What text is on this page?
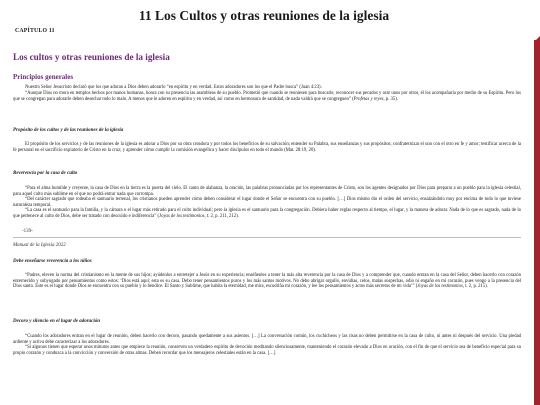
11 Los Cultos y otras reuniones de la iglesia
CAPÍTULO 11
Los cultos y otras reuniones de la iglesia
Principios generales
Nuestro Señor Jesucristo declaró que los que adoran a Dios deben adorarlo “en espíritu y en verdad. Estos adoradores son los que el Padre busca” (Juan 4:23).
“Aunque Dios no mora en templos hechos por manos humanas, honra con su presencia las asambleas de su pueblo. Prometió que cuando se reuniesen para buscarle, reconocer sus pecados y orar unos por otros, él los acompañaría por medio de su Espíritu. Pero los que se congregan para adorarle deben desechar todo lo malo. A menos que le adoren en espíritu y en verdad, así como en hermosura de santidad, de nada valdrá que se congreguen” (Profetas y reyes, p. 35).
Propósito de los cultos y de las reuniones de la iglesia
El propósito de los servicios y de las reuniones de la iglesia es adorar a Dios por su obra creadora y por todos los beneficios de su salvación; entender su Palabra, sus enseñanzas y sus propósitos; confraternizar el uno con el otro en fe y amor; testificar acerca de la fe personal en el sacrificio expiatorio de Cristo en la cruz; y aprender cómo cumplir la comisión evangélica y hacer discípulos en todo el mundo (Mat. 28:19, 20).
Reverencia por la casa de culto
“Para el alma humilde y creyente, la casa de Dios en la tierra es la puerta del cielo. El canto de alabanza, la oración, las palabras pronunciadas por los representantes de Cristo, son los agentes designados por Dios para preparar a un pueblo para la iglesia celestial, para aquel culto más sublime en el que no podrá entrar nada que corrompa.
“Del carácter sagrado que rodeaba el santuario terrenal, los cristianos pueden aprender cómo deben considerar el lugar donde el Señor se encuentra con su pueblo. […] Dios mismo dio el orden del servicio, ensalzándolo muy por encima de todo lo que tuviese naturaleza temporal.
“La casa es el santuario para la familia, y la cámara o el lugar más retirado para el culto individual; pero la iglesia es el santuario para la congregación. Debiera haber reglas respecto al tiempo, el lugar, y la manera de adorar. Nada de lo que es sagrado, nada de lo que pertenece al culto de Dios, debe ser tratado con descuido e indiferencia” (Joyas de los testimonios, t. 2, p. 211, 212).
-139-
Manual de la Iglesia 2022
Debe enseñarse reverencia a los niños
“Padres, eleven la norma del cristianismo en la mente de sus hijos; ayúdenlos a entretejer a Jesús en su experiencia; enséñenles a tener la más alta reverencia por la casa de Dios y a comprender que, cuando entran en la casa del Señor, deben hacerlo con corazón enternecido y subyugado por pensamientos como estos: ‘Dios está aquí; esta es su casa. Debo tener pensamientos puros y los más santos motivos. No debo abrigar orgullo, envidias, celos, malas sospechas, odio ni engaño en mi corazón, pues vengo a la presencia del Dios santo. Este es el lugar donde Dios se encuentra con su pueblo y lo bendice. El Santo y Sublime, que habita la eternidad, me mira, escudriña mi corazón, y lee los pensamientos y actos más secretos de mi vida’” (Joyas de los testimonios, t. 2, p. 215).
Decoro y silencio en el lugar de adoración
“Cuando los adoradores entran en el lugar de reunión, deben hacerlo con decoro, pasando quedamente a sus asientos. […] La conversación común, los cuchicheos y las risas no deben permitirse en la casa de culto, ni antes ni después del servicio. Una piedad ardiente y activa debe caracterizar a los adoradores.
“Si algunos tienen que esperar unos minutos antes que empiece la reunión, conserven un verdadero espíritu de devoción meditando silenciosamente, manteniendo el corazón elevado a Dios en oración, con el fin de que el servicio sea de beneficio especial para su propio corazón y conduzca a la convicción y conversión de otras almas. Deben recordar que los mensajeros celestiales están en la casa. […]
